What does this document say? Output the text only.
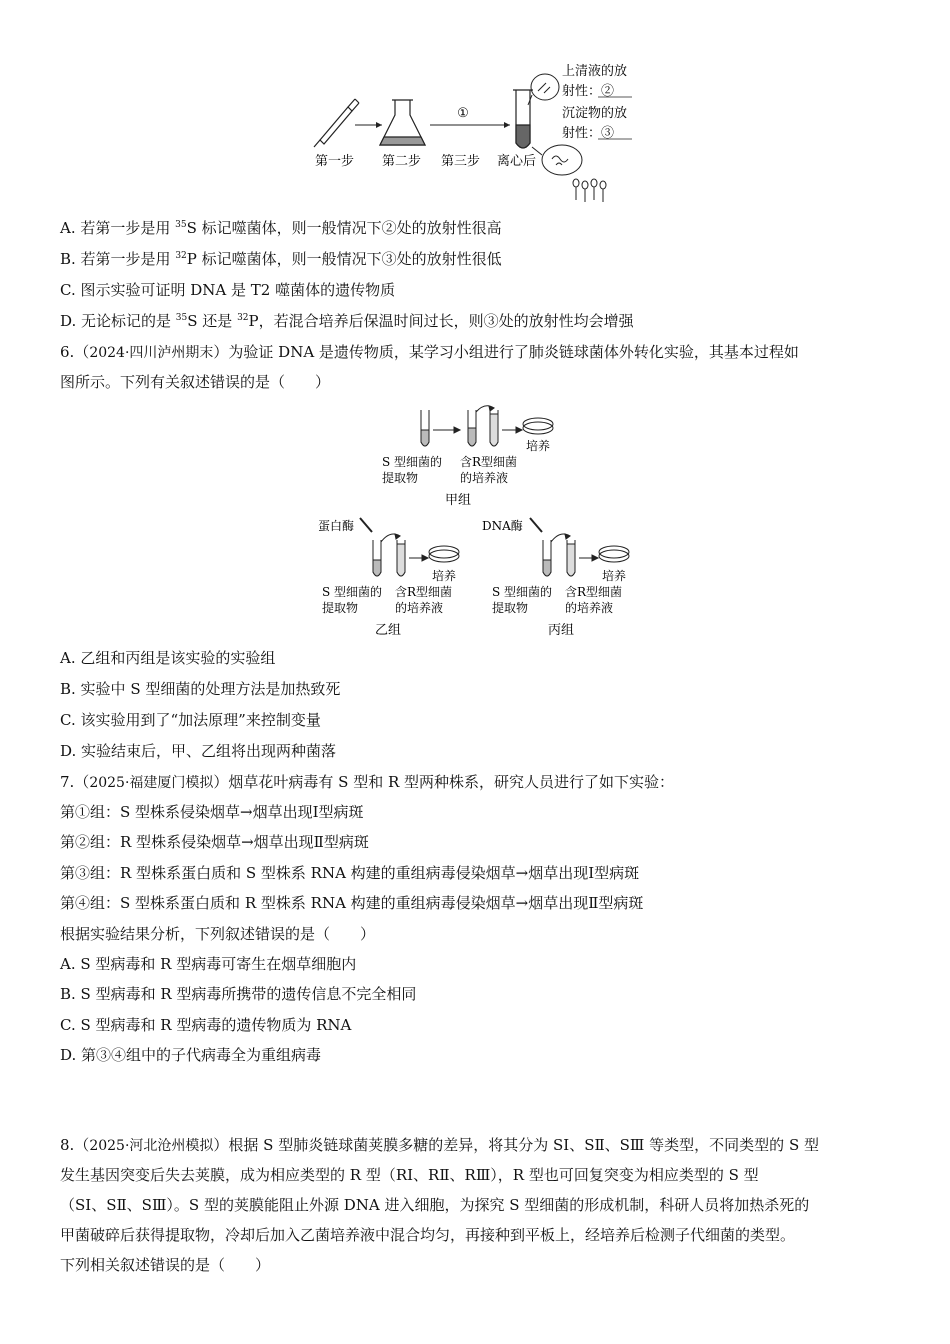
①
第一步 第二步 第三步 离心后
上清液的放
射性：②
沉淀物的放
射性：③
A. 若第一步是用 $^{35}$S 标记噬菌体，则一般情况下②处的放射性很高
B. 若第一步是用 $^{32}$P 标记噬菌体，则一般情况下③处的放射性很低
C. 图示实验可证明 DNA 是 T2 噬菌体的遗传物质
D. 无论标记的是 $^{35}$S 还是 $^{32}$P，若混合培养后保温时间过长，则③处的放射性均会增强
6.（2024·四川泸州期末）为验证 DNA 是遗传物质，某学习小组进行了肺炎链球菌体外转化实验，其基本过程如
图所示。下列有关叙述错误的是（　　）
培养
S 型细菌的
提取物
含R型细菌
的培养液
甲组
蛋白酶
培养
S 型细菌的
提取物
含R型细菌
的培养液
乙组
DNA酶
培养
S 型细菌的
提取物
含R型细菌
的培养液
丙组
A. 乙组和丙组是该实验的实验组
B. 实验中 S 型细菌的处理方法是加热致死
C. 该实验用到了“加法原理”来控制变量
D. 实验结束后，甲、乙组将出现两种菌落
7.（2025·福建厦门模拟）烟草花叶病毒有 S 型和 R 型两种株系，研究人员进行了如下实验：
第①组：S 型株系侵染烟草→烟草出现Ⅰ型病斑
第②组：R 型株系侵染烟草→烟草出现Ⅱ型病斑
第③组：R 型株系蛋白质和 S 型株系 RNA 构建的重组病毒侵染烟草→烟草出现Ⅰ型病斑
第④组：S 型株系蛋白质和 R 型株系 RNA 构建的重组病毒侵染烟草→烟草出现Ⅱ型病斑
根据实验结果分析，下列叙述错误的是（　　）
A. S 型病毒和 R 型病毒可寄生在烟草细胞内
B. S 型病毒和 R 型病毒所携带的遗传信息不完全相同
C. S 型病毒和 R 型病毒的遗传物质为 RNA
D. 第③④组中的子代病毒全为重组病毒
8.（2025·河北沧州模拟）根据 S 型肺炎链球菌荚膜多糖的差异，将其分为 SⅠ、SⅡ、SⅢ 等类型，不同类型的 S 型
发生基因突变后失去荚膜，成为相应类型的 R 型（RⅠ、RⅡ、RⅢ），R 型也可回复突变为相应类型的 S 型
（SⅠ、SⅡ、SⅢ）。S 型的荚膜能阻止外源 DNA 进入细胞，为探究 S 型细菌的形成机制，科研人员将加热杀死的
甲菌破碎后获得提取物，冷却后加入乙菌培养液中混合均匀，再接种到平板上，经培养后检测子代细菌的类型。
下列相关叙述错误的是（　　）
